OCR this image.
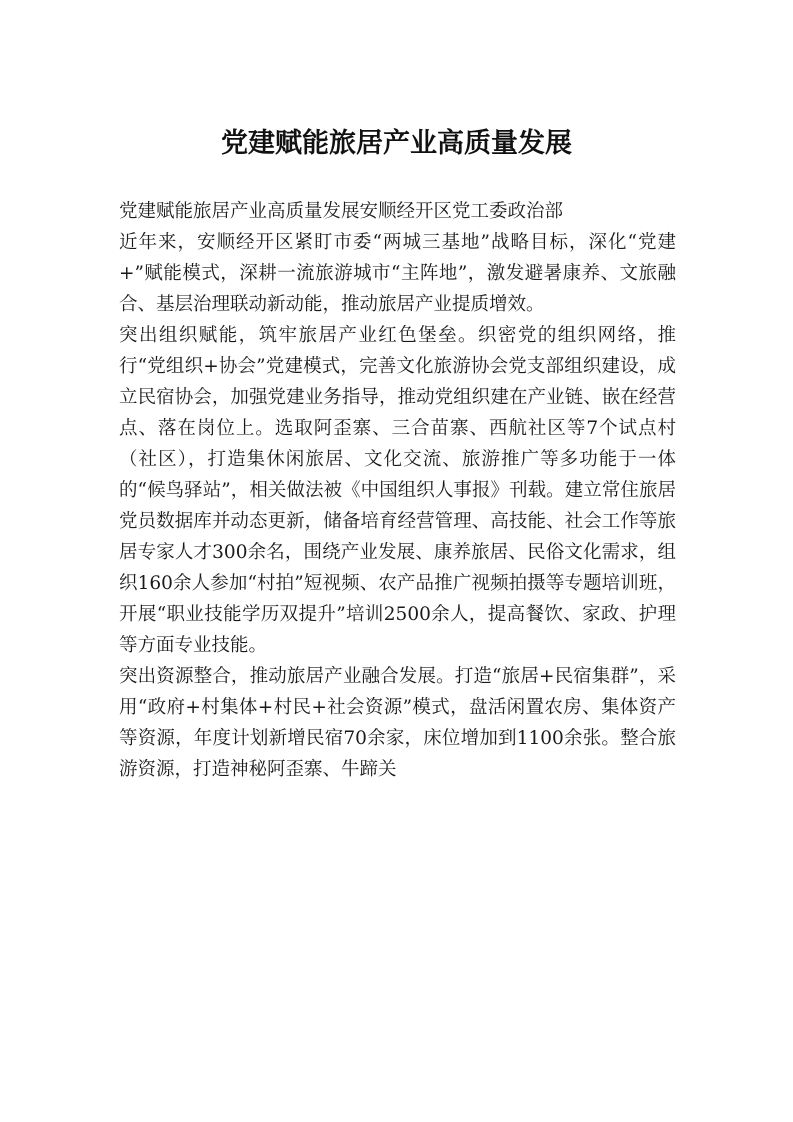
党建赋能旅居产业高质量发展

党建赋能旅居产业高质量发展安顺经开区党工委政治部

近年来，安顺经开区紧盯市委“两城三基地”战略目标，深化“党建+”赋能模式，深耕一流旅游城市“主阵地”，激发避暑康养、文旅融合、基层治理联动新动能，推动旅居产业提质增效。

突出组织赋能，筑牢旅居产业红色堡垒。织密党的组织网络，推行“党组织+协会”党建模式，完善文化旅游协会党支部组织建设，成立民宿协会，加强党建业务指导，推动党组织建在产业链、嵌在经营点、落在岗位上。选取阿歪寨、三合苗寨、西航社区等7个试点村（社区），打造集休闲旅居、文化交流、旅游推广等多功能于一体的“候鸟驿站”，相关做法被《中国组织人事报》刊载。建立常住旅居党员数据库并动态更新，储备培育经营管理、高技能、社会工作等旅居专家人才300余名，围绕产业发展、康养旅居、民俗文化需求，组织160余人参加“村拍”短视频、农产品推广视频拍摄等专题培训班，开展“职业技能学历双提升”培训2500余人，提高餐饮、家政、护理等方面专业技能。

突出资源整合，推动旅居产业融合发展。打造“旅居+民宿集群”，采用“政府+村集体+村民+社会资源”模式，盘活闲置农房、集体资产等资源，年度计划新增民宿70余家，床位增加到1100余张。整合旅游资源，打造神秘阿歪寨、牛蹄关
